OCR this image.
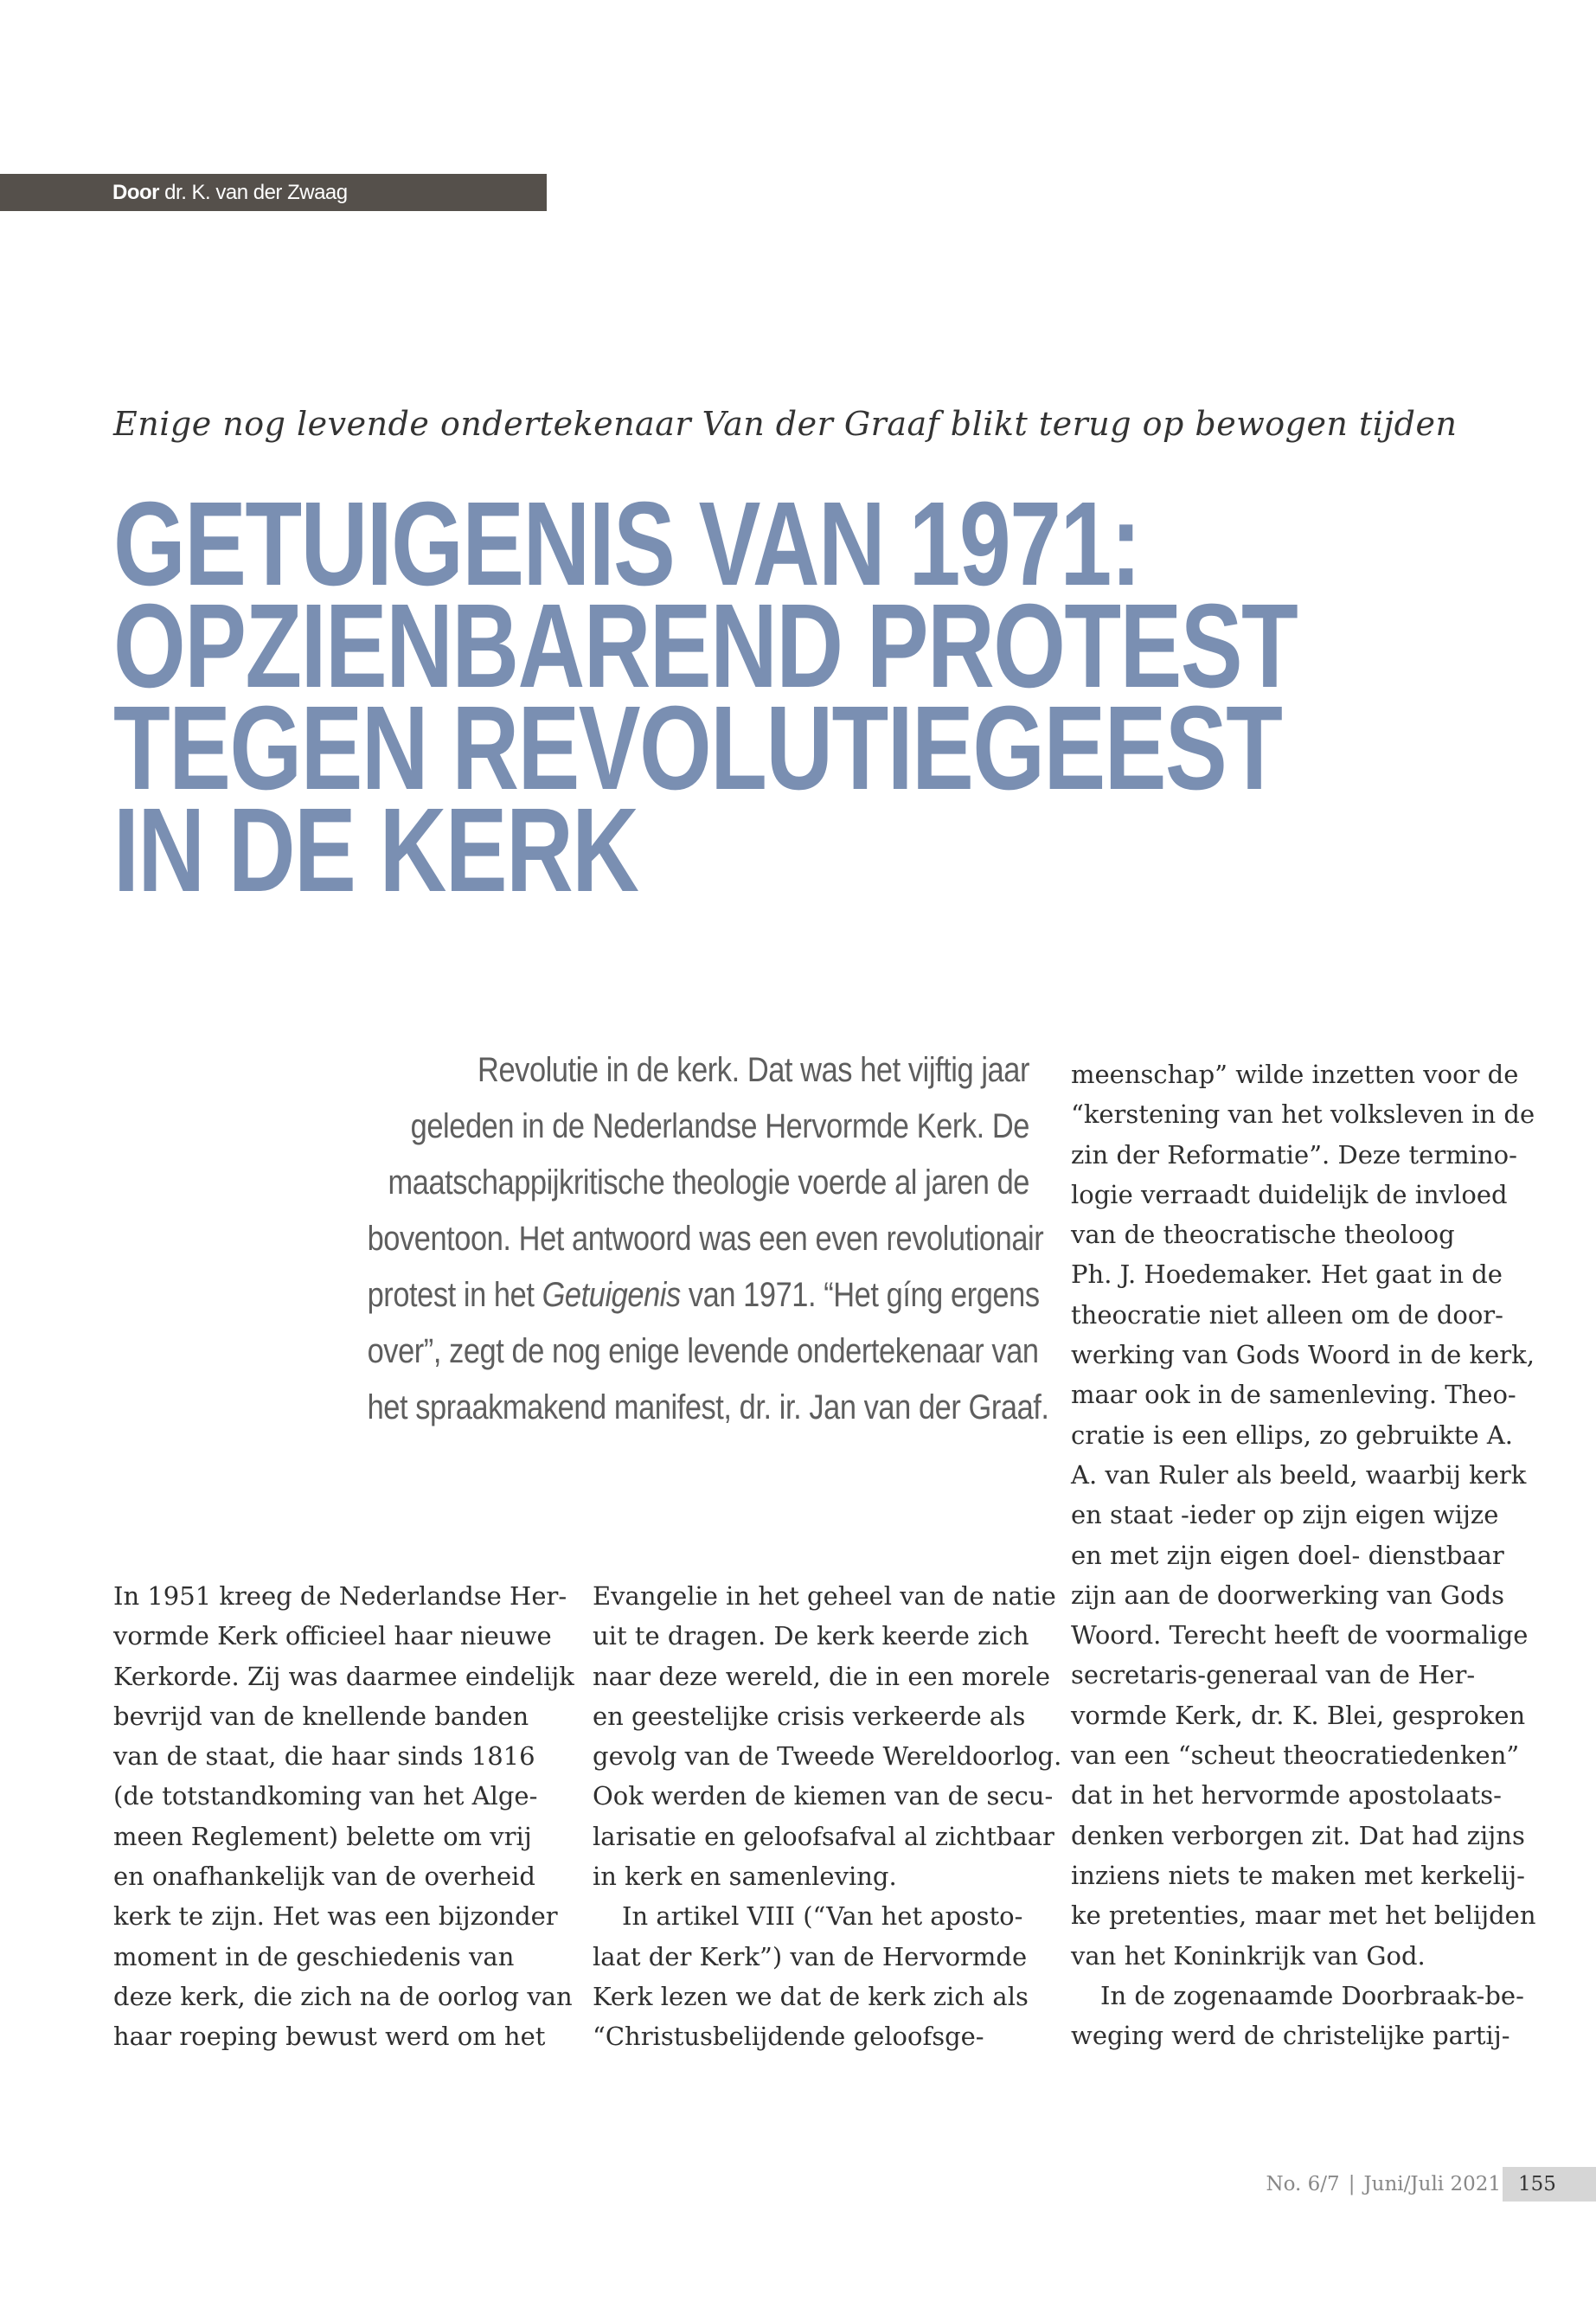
Door dr. K. van der Zwaag
Enige nog levende ondertekenaar Van der Graaf blikt terug op bewogen tijden
GETUIGENIS VAN 1971:
OPZIENBAREND PROTEST
TEGEN REVOLUTIEGEEST
IN DE KERK
Revolutie in de kerk. Dat was het vijftig jaar
geleden in de Nederlandse Hervormde Kerk. De
maatschappijkritische theologie voerde al jaren de
boventoon. Het antwoord was een even revolutionair
protest in het Getuigenis van 1971. “Het gíng ergens
over”, zegt de nog enige levende ondertekenaar van
het spraakmakend manifest, dr. ir. Jan van der Graaf.
In 1951 kreeg de Nederlandse Her-
vormde Kerk officieel haar nieuwe
Kerkorde. Zij was daarmee eindelijk
bevrijd van de knellende banden
van de staat, die haar sinds 1816
(de totstandkoming van het Alge-
meen Reglement) belette om vrij
en onafhankelijk van de overheid
kerk te zijn. Het was een bijzonder
moment in de geschiedenis van
deze kerk, die zich na de oorlog van
haar roeping bewust werd om het
Evangelie in het geheel van de natie
uit te dragen. De kerk keerde zich
naar deze wereld, die in een morele
en geestelijke crisis verkeerde als
gevolg van de Tweede Wereldoorlog.
Ook werden de kiemen van de secu-
larisatie en geloofsafval al zichtbaar
in kerk en samenleving.
In artikel VIII (“Van het aposto-
laat der Kerk”) van de Hervormde
Kerk lezen we dat de kerk zich als
“Christusbelijdende geloofsge-
meenschap” wilde inzetten voor de
“kerstening van het volksleven in de
zin der Reformatie”. Deze termino-
logie verraadt duidelijk de invloed
van de theocratische theoloog
Ph. J. Hoedemaker. Het gaat in de
theocratie niet alleen om de door-
werking van Gods Woord in de kerk,
maar ook in de samenleving. Theo-
cratie is een ellips, zo gebruikte A.
A. van Ruler als beeld, waarbij kerk
en staat -ieder op zijn eigen wijze
en met zijn eigen doel- dienstbaar
zijn aan de doorwerking van Gods
Woord. Terecht heeft de voormalige
secretaris-generaal van de Her-
vormde Kerk, dr. K. Blei, gesproken
van een “scheut theocratiedenken”
dat in het hervormde apostolaats-
denken verborgen zit. Dat had zijns
inziens niets te maken met kerkelij-
ke pretenties, maar met het belijden
van het Koninkrijk van God.
In de zogenaamde Doorbraak-be-
weging werd de christelijke partij-
No. 6/7 | Juni/Juli 2021 155
